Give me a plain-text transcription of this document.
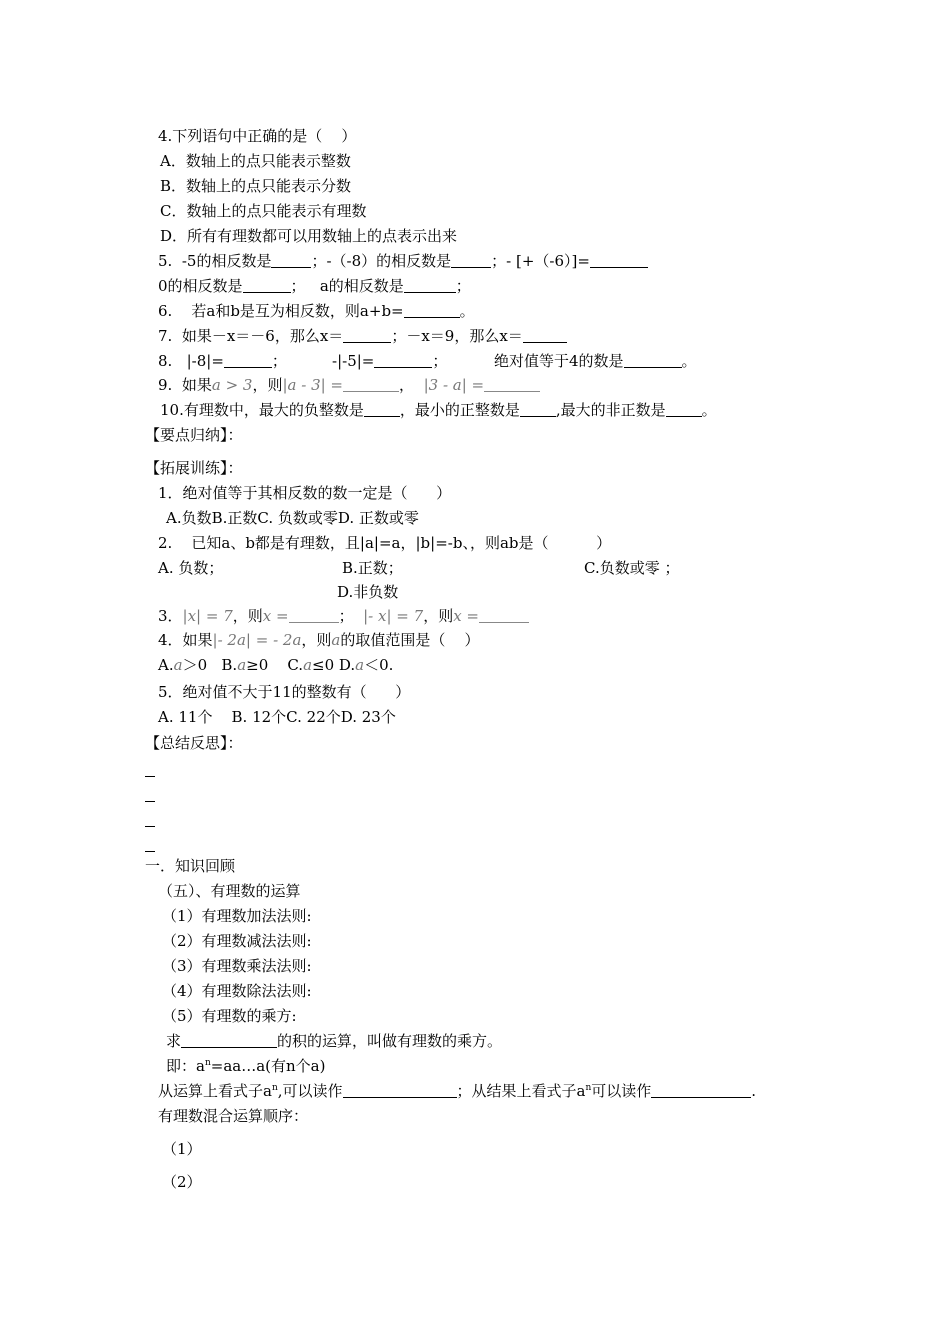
4.下列语句中正确的是（    ）
A．数轴上的点只能表示整数
B．数轴上的点只能表示分数
C．数轴上的点只能表示有理数
D．所有有理数都可以用数轴上的点表示出来
5.  -5的相反数是	；-（-8）的相反数是	；- [+（-6）]=
0的相反数是	；   a的相反数是	；
6.    若a和b是互为相反数，则a+b=	。
7.  如果－x＝－6，那么x＝	；－x＝9，那么x＝
8.   |-8|=	；	-|-5|=	；	绝对值等于4的数是	。
9.  如果a > 3，则|a - 3| =	， |3 - a| =
10.有理数中，最大的负整数是 ，最小的正整数是 ,最大的非正数是 。
【要点归纳】：
【拓展训练】：
1．绝对值等于其相反数的数一定是（      ）
A.负数B.正数C. 负数或零D. 正数或零
2.    已知a、b都是有理数，且|a|=a，|b|=-b、，则ab是（          ）
A. 负数；	B.正数；	C.负数或零 ；
D.非负数
3．|x| = 7，则x =	；  |- x| = 7，则x =
4．如果|- 2a| = - 2a，则a的取值范围是（    ）
A.a＞0   B.a≥0    C.a≤0 D.a＜0.
5．绝对值不大于11的整数有（      ）
A. 11个    B. 12个C. 22个D. 23个
【总结反思】：
一．知识回顾
（五）、有理数的运算
（1）有理数加法法则:
（2）有理数减法法则:
（3）有理数乘法法则:
（4）有理数除法法则:
（5）有理数的乘方:
求	的积的运算，叫做有理数的乘方。
即：$a^n=aa\dots a$(有n个a)
从运算上看式子$a^n$,可以读作	；从结果上看式子$a^n$可以读作	.
有理数混合运算顺序：
（1）
（2）
